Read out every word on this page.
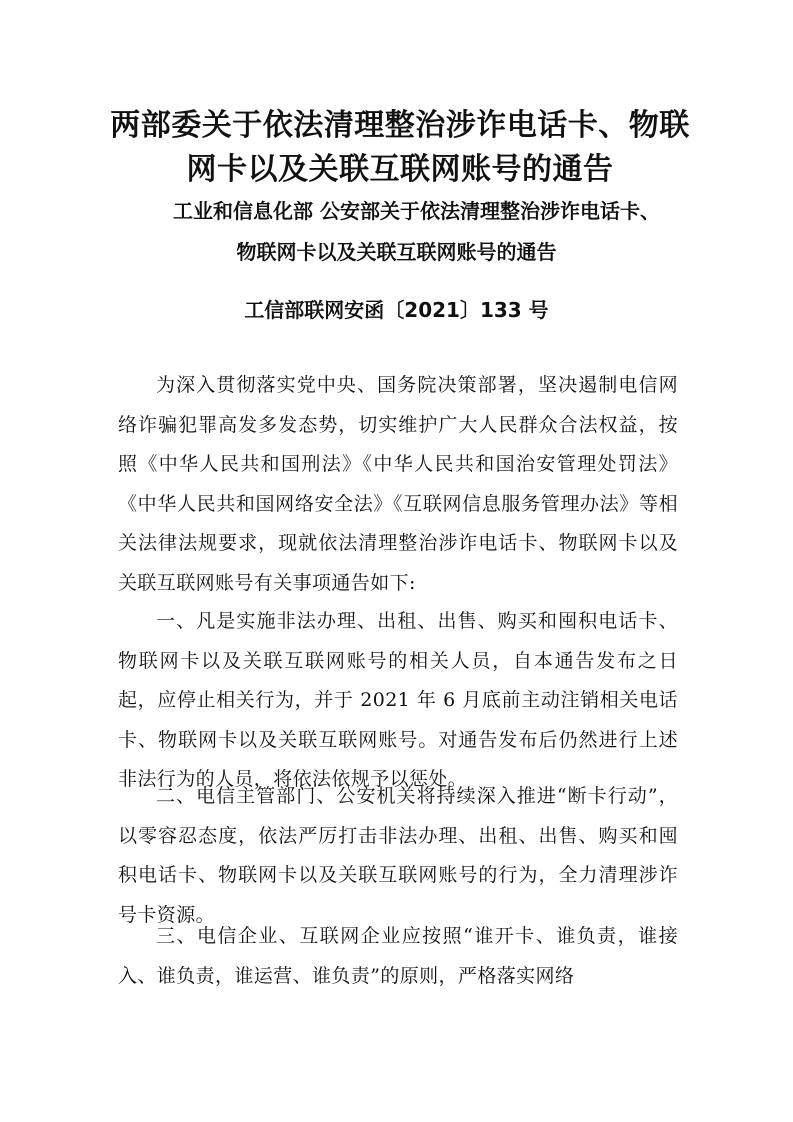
两部委关于依法清理整治涉诈电话卡、物联
网卡以及关联互联网账号的通告
工业和信息化部 公安部关于依法清理整治涉诈电话卡、
物联网卡以及关联互联网账号的通告
工信部联网安函〔2021〕133 号

为深入贯彻落实党中央、国务院决策部署，坚决遏制电信网络诈骗犯罪高发多发态势，切实维护广大人民群众合法权益，按照《中华人民共和国刑法》《中华人民共和国治安管理处罚法》《中华人民共和国网络安全法》《互联网信息服务管理办法》等相关法律法规要求，现就依法清理整治涉诈电话卡、物联网卡以及关联互联网账号有关事项通告如下:

一、凡是实施非法办理、出租、出售、购买和囤积电话卡、物联网卡以及关联互联网账号的相关人员，自本通告发布之日起，应停止相关行为，并于 2021 年 6 月底前主动注销相关电话卡、物联网卡以及关联互联网账号。对通告发布后仍然进行上述非法行为的人员，将依法依规予以惩处。

二、电信主管部门、公安机关将持续深入推进“断卡行动”，以零容忍态度，依法严厉打击非法办理、出租、出售、购买和囤积电话卡、物联网卡以及关联互联网账号的行为，全力清理涉诈号卡资源。

三、电信企业、互联网企业应按照“谁开卡、谁负责，谁接入、谁负责，谁运营、谁负责”的原则，严格落实网络
